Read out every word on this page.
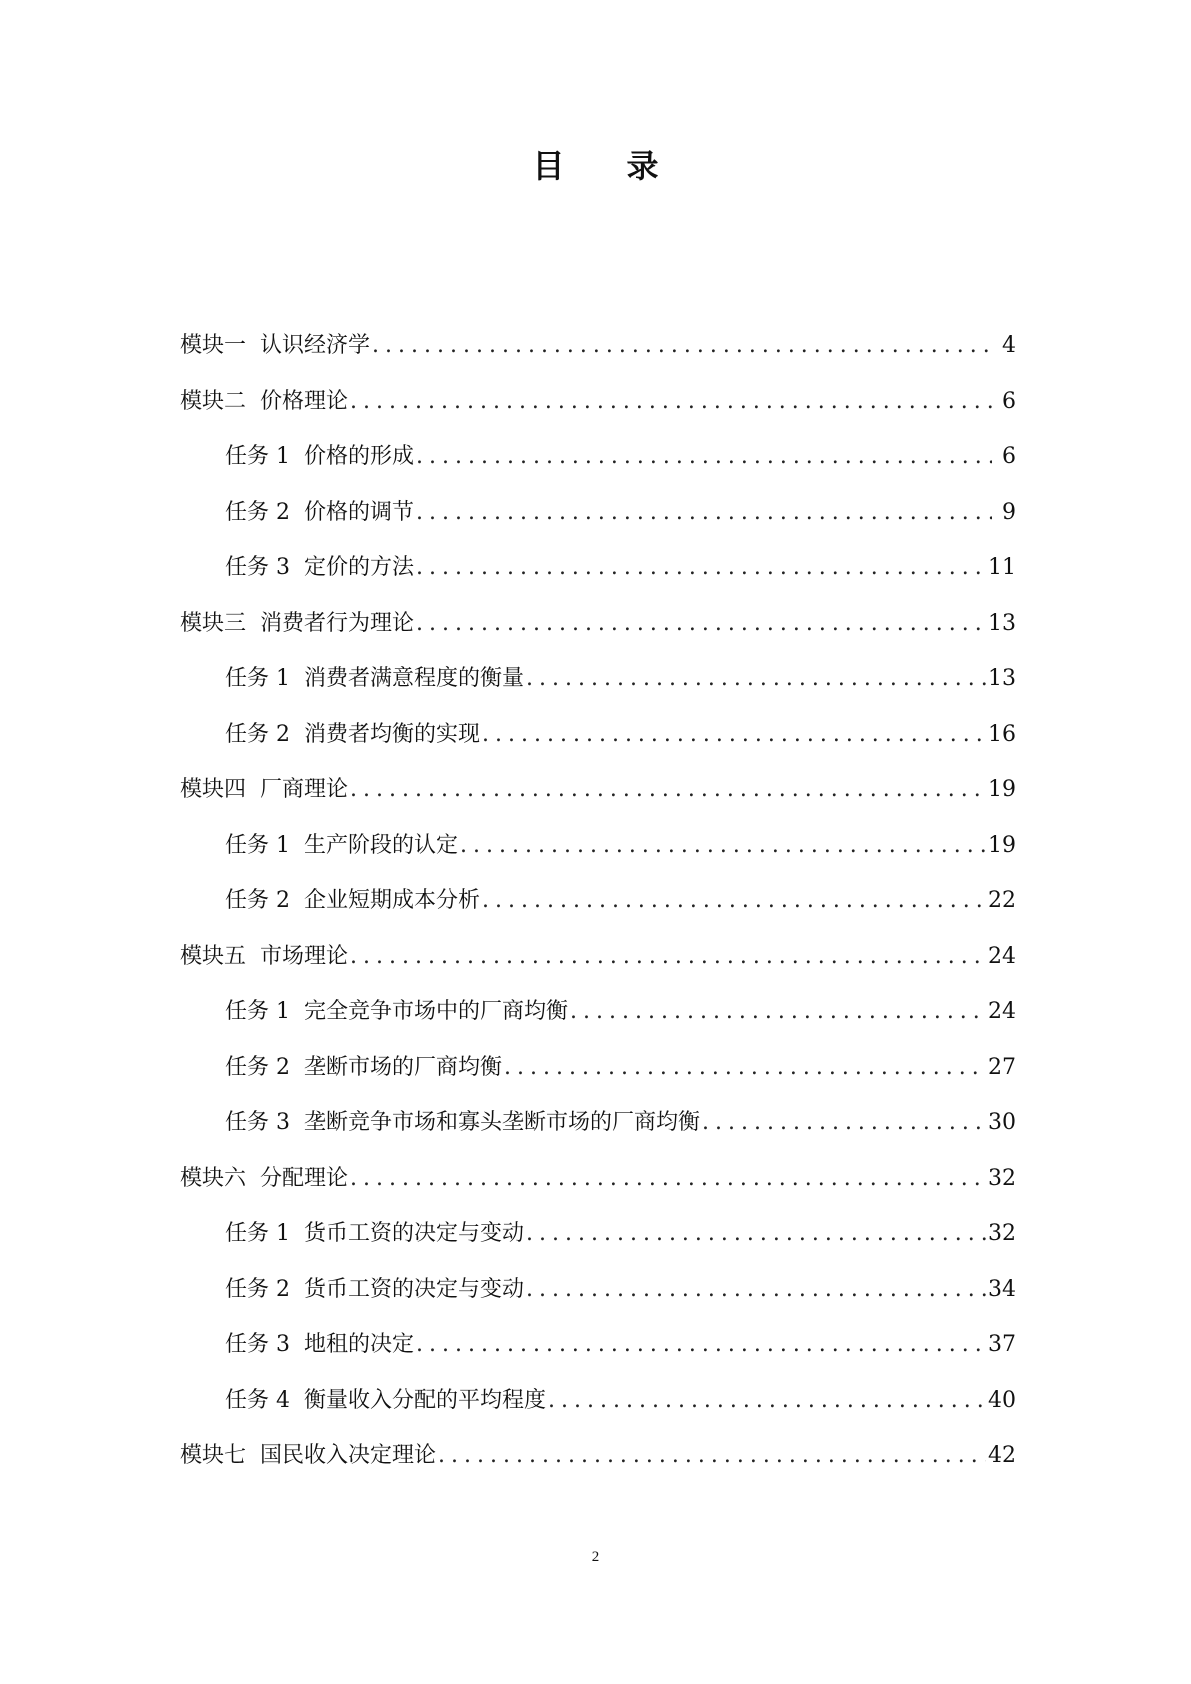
目录
模块一 认识经济学 .....	4
模块二 价格理论 .....	6
任务 1 价格的形成 .....	6
任务 2 价格的调节 .....	9
任务 3 定价的方法 .....	11
模块三 消费者行为理论 .....	13
任务 1 消费者满意程度的衡量 .....	13
任务 2 消费者均衡的实现 .....	16
模块四 厂商理论 .....	19
任务 1 生产阶段的认定 .....	19
任务 2 企业短期成本分析 .....	22
模块五 市场理论 .....	24
任务 1 完全竞争市场中的厂商均衡 .....	24
任务 2 垄断市场的厂商均衡 .....	27
任务 3 垄断竞争市场和寡头垄断市场的厂商均衡 .....	30
模块六 分配理论 .....	32
任务 1 货币工资的决定与变动 .....	32
任务 2 货币工资的决定与变动 .....	34
任务 3 地租的决定 .....	37
任务 4 衡量收入分配的平均程度 .....	40
模块七 国民收入决定理论 .....	42
2
